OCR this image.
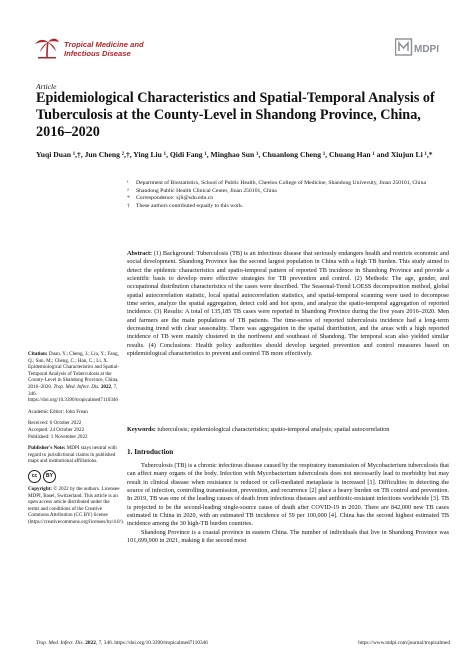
Tropical Medicine and
Infectious Disease	MDPI
Article
Epidemiological Characteristics and Spatial-Temporal Analysis of Tuberculosis at the County-Level in Shandong Province, China, 2016–2020
Yuqi Duan ¹,†, Jun Cheng ²,†, Ying Liu ¹, Qidi Fang ¹, Minghao Sun ¹, Chuanlong Cheng ¹, Chuang Han ¹ and Xiujun Li ¹,*
¹	Department of Biostatistics, School of Public Health, Cheeloo College of Medicine, Shandong University, Jinan 250101, China
²	Shandong Public Health Clinical Center, Jinan 250101, China
*	Correspondence: xjli@sdu.edu.cn
†	These authors contributed equally to this work.
Abstract: (1) Background: Tuberculosis (TB) is an infectious disease that seriously endangers health and restricts economic and social development. Shandong Province has the second largest population in China with a high TB burden. This study aimed to detect the epidemic characteristics and spatio-temporal pattern of reported TB incidence in Shandong Province and provide a scientific basis to develop more effective strategies for TB prevention and control. (2) Methods: The age, gender, and occupational distribution characteristics of the cases were described. The Seasonal-Trend LOESS decomposition method, global spatial autocorrelation statistic, local spatial autocorrelation statistics, and spatial-temporal scanning were used to decompose time series, analyze the spatial aggregation, detect cold and hot spots, and analyze the spatio-temporal aggregation of reported incidence. (3) Results: A total of 135,185 TB cases were reported in Shandong Province during the five years 2016–2020. Men and farmers are the main populations of TB patients. The time-series of reported tuberculosis incidence had a long-term decreasing trend with clear seasonality. There was aggregation in the spatial distribution, and the areas with a high reported incidence of TB were mainly clustered in the northwest and southeast of Shandong. The temporal scan also yielded similar results. (4) Conclusions: Health policy authorities should develop targeted prevention and control measures based on epidemiological characteristics to prevent and control TB more effectively.
Keywords: tuberculosis; epidemiological characteristics; spatio-temporal analysis; spatial autocorrelation

Citation: Duan, Y.; Cheng, J.; Liu, Y.; Fang, Q.; Sun, M.; Cheng, C.; Han, C.; Li, X. Epidemiological Characteristics and Spatial-Temporal Analysis of Tuberculosis at the County-Level in Shandong Province, China, 2016–2020. Trop. Med. Infect. Dis. 2022, 7, 346. https://doi.org/10.3390/tropicalmed7110346

Academic Editor: John Frean

Received: 6 October 2022
Accepted: 24 October 2022

Published: 1 November 2022

Publisher's Note: MDPI stays neutral with regard to jurisdictional claims in published maps and institutional affiliations.

cc	BY

Copyright: © 2022 by the authors. Licensee MDPI, Basel, Switzerland. This article is an open access article distributed under the terms and conditions of the Creative Commons Attribution (CC BY) license (https://creativecommons.org/licenses/by/4.0/).

1. Introduction

Tuberculosis (TB) is a chronic infectious disease caused by the respiratory transmission of Mycobacterium tuberculosis that can affect many organs of the body. Infection with Mycobacterium tuberculosis does not necessarily lead to morbidity but may result in clinical disease when resistance is reduced or cell-mediated metaplasia is increased [1]. Difficulties in detecting the source of infection, controlling transmission, prevention, and recurrence [2] place a heavy burden on TB control and prevention. In 2019, TB was one of the leading causes of death from infectious diseases and antibiotic-resistant infections worldwide [3]. TB is projected to be the second-leading single-source cause of death after COVID-19 in 2020. There are 842,000 new TB cases estimated in China in 2020, with an estimated TB incidence of 59 per 100,000 [4]. China has the second highest estimated TB incidence among the 30 high-TB burden countries.

Shandong Province is a coastal province in eastern China. The number of individuals that live in Shandong Province was 101,699,900 in 2021, making it the second most

Trop. Med. Infect. Dis. 2022, 7, 346. https://doi.org/10.3390/tropicalmed7110346	https://www.mdpi.com/journal/tropicalmed
